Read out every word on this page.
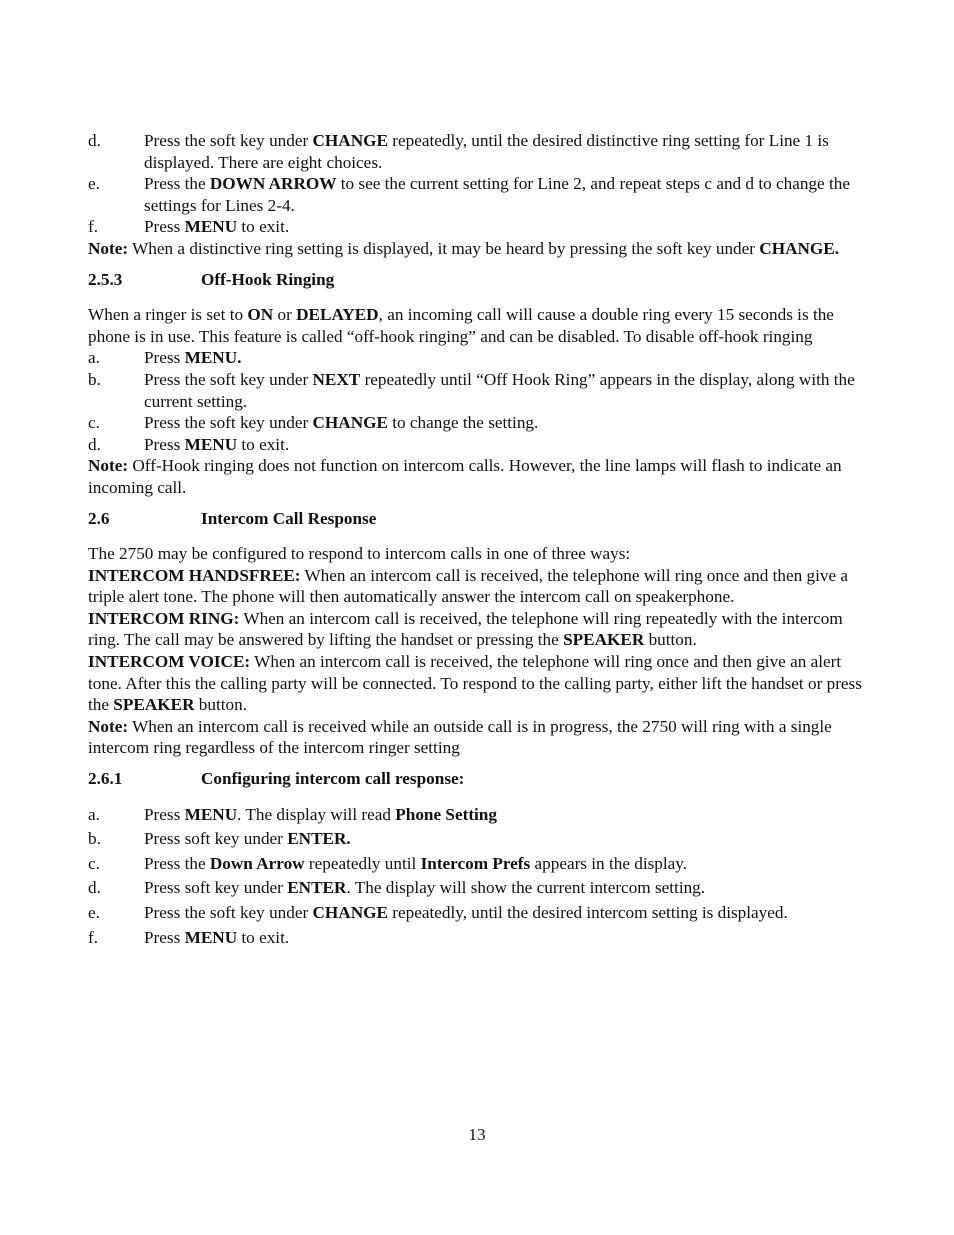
d.	Press the soft key under CHANGE repeatedly, until the desired distinctive ring setting for Line 1 is displayed. There are eight choices.
e.	Press the DOWN ARROW to see the current setting for Line 2, and repeat steps c and d to change the settings for Lines 2-4.
f.	Press MENU to exit.

Note: When a distinctive ring setting is displayed, it may be heard by pressing the soft key under CHANGE.

2.5.3	Off-Hook Ringing

When a ringer is set to ON or DELAYED, an incoming call will cause a double ring every 15 seconds is the phone is in use. This feature is called “off-hook ringing” and can be disabled. To disable off-hook ringing

a.	Press MENU.
b.	Press the soft key under NEXT repeatedly until “Off Hook Ring” appears in the display, along with the current setting.
c.	Press the soft key under CHANGE to change the setting.
d.	Press MENU to exit.

Note: Off-Hook ringing does not function on intercom calls. However, the line lamps will flash to indicate an incoming call.

2.6	Intercom Call Response

The 2750 may be configured to respond to intercom calls in one of three ways:

INTERCOM HANDSFREE: When an intercom call is received, the telephone will ring once and then give a triple alert tone. The phone will then automatically answer the intercom call on speakerphone.

INTERCOM RING: When an intercom call is received, the telephone will ring repeatedly with the intercom ring. The call may be answered by lifting the handset or pressing the SPEAKER button.

INTERCOM VOICE: When an intercom call is received, the telephone will ring once and then give an alert tone. After this the calling party will be connected. To respond to the calling party, either lift the handset or press the SPEAKER button.

Note: When an intercom call is received while an outside call is in progress, the 2750 will ring with a single intercom ring regardless of the intercom ringer setting

2.6.1	Configuring intercom call response:
a.	Press MENU. The display will read Phone Setting
b.	Press soft key under ENTER.
c.	Press the Down Arrow repeatedly until Intercom Prefs appears in the display.
d.	Press soft key under ENTER. The display will show the current intercom setting.
e.	Press the soft key under CHANGE repeatedly, until the desired intercom setting is displayed.
f.	Press MENU to exit.
13
